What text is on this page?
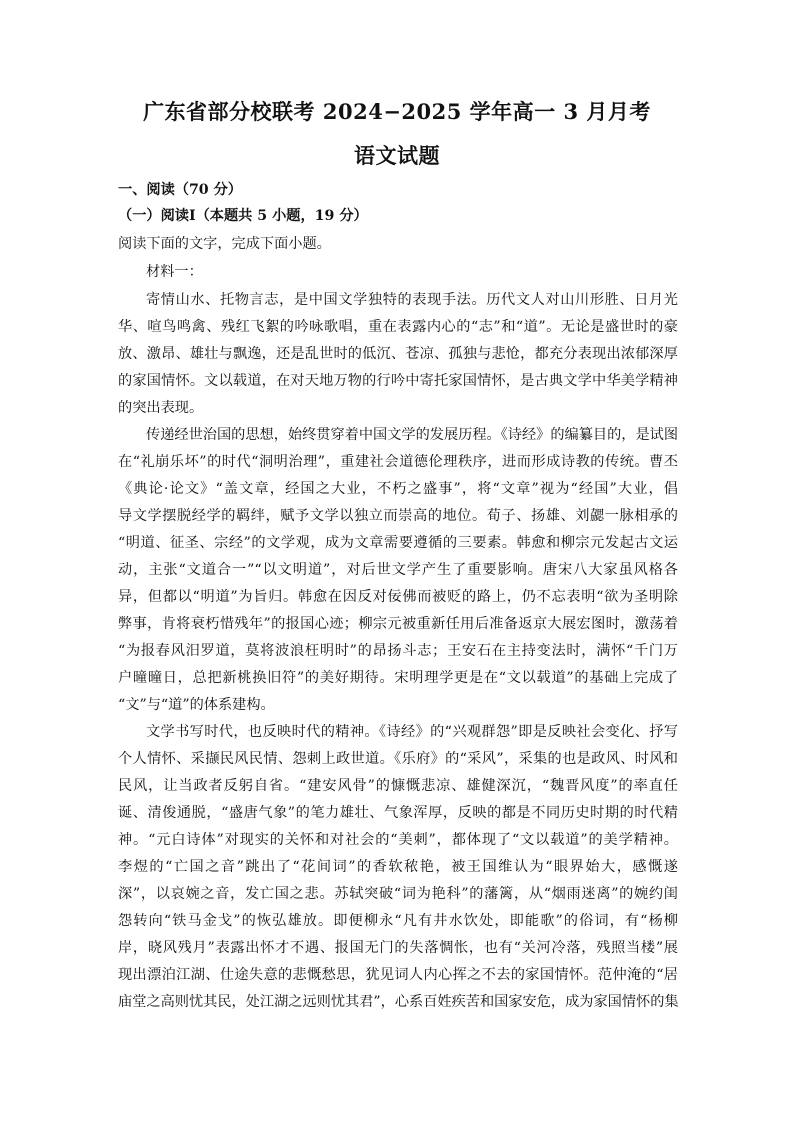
广东省部分校联考 2024−2025 学年高一 3 月月考
语文试题
一、阅读（70 分）
（一）阅读Ⅰ（本题共 5 小题，19 分）
阅读下面的文字，完成下面小题。
材料一：
寄情山水、托物言志，是中国文学独特的表现手法。历代文人对山川形胜、日月光
华、喧鸟鸣禽、残红飞絮的吟咏歌唱，重在表露内心的“志”和“道”。无论是盛世时的豪
放、激昂、雄壮与飘逸，还是乱世时的低沉、苍凉、孤独与悲怆，都充分表现出浓郁深厚
的家国情怀。文以载道，在对天地万物的行吟中寄托家国情怀，是古典文学中华美学精神
的突出表现。
传递经世治国的思想，始终贯穿着中国文学的发展历程。《诗经》的编纂目的，是试图
在“礼崩乐坏”的时代“洞明治理”，重建社会道德伦理秩序，进而形成诗教的传统。曹丕
《典论·论文》“盖文章，经国之大业，不朽之盛事”，将“文章”视为“经国”大业，倡
导文学摆脱经学的羁绊，赋予文学以独立而崇高的地位。荀子、扬雄、刘勰一脉相承的
“明道、征圣、宗经”的文学观，成为文章需要遵循的三要素。韩愈和柳宗元发起古文运
动，主张“文道合一”“以文明道”，对后世文学产生了重要影响。唐宋八大家虽风格各
异，但都以“明道”为旨归。韩愈在因反对佞佛而被贬的路上，仍不忘表明“欲为圣明除
弊事，肯将衰朽惜残年”的报国心迹；柳宗元被重新任用后准备返京大展宏图时，激荡着
“为报春风汨罗道，莫将波浪枉明时”的昂扬斗志；王安石在主持变法时，满怀“千门万
户曈曈日，总把新桃换旧符”的美好期待。宋明理学更是在“文以载道”的基础上完成了
“文”与“道”的体系建构。
文学书写时代，也反映时代的精神。《诗经》的“兴观群怨”即是反映社会变化、抒写
个人情怀、采撷民风民情、怨刺上政世道。《乐府》的“采风”，采集的也是政风、时风和
民风，让当政者反躬自省。“建安风骨”的慷慨悲凉、雄健深沉，“魏晋风度”的率直任
诞、清俊通脱，“盛唐气象”的笔力雄壮、气象浑厚，反映的都是不同历史时期的时代精
神。“元白诗体”对现实的关怀和对社会的“美刺”，都体现了“文以载道”的美学精神。
李煜的“亡国之音”跳出了“花间词”的香软秾艳，被王国维认为“眼界始大，感慨遂
深”，以哀婉之音，发亡国之悲。苏轼突破“词为艳科”的藩篱，从“烟雨迷离”的婉约闺
怨转向“铁马金戈”的恢弘雄放。即便柳永“凡有井水饮处，即能歌”的俗词，有“杨柳
岸，晓风残月”表露出怀才不遇、报国无门的失落惆怅，也有“关河冷落，残照当楼”展
现出漂泊江湖、仕途失意的悲慨愁思，犹见词人内心挥之不去的家国情怀。范仲淹的“居
庙堂之高则忧其民，处江湖之远则忧其君”，心系百姓疾苦和国家安危，成为家国情怀的集
